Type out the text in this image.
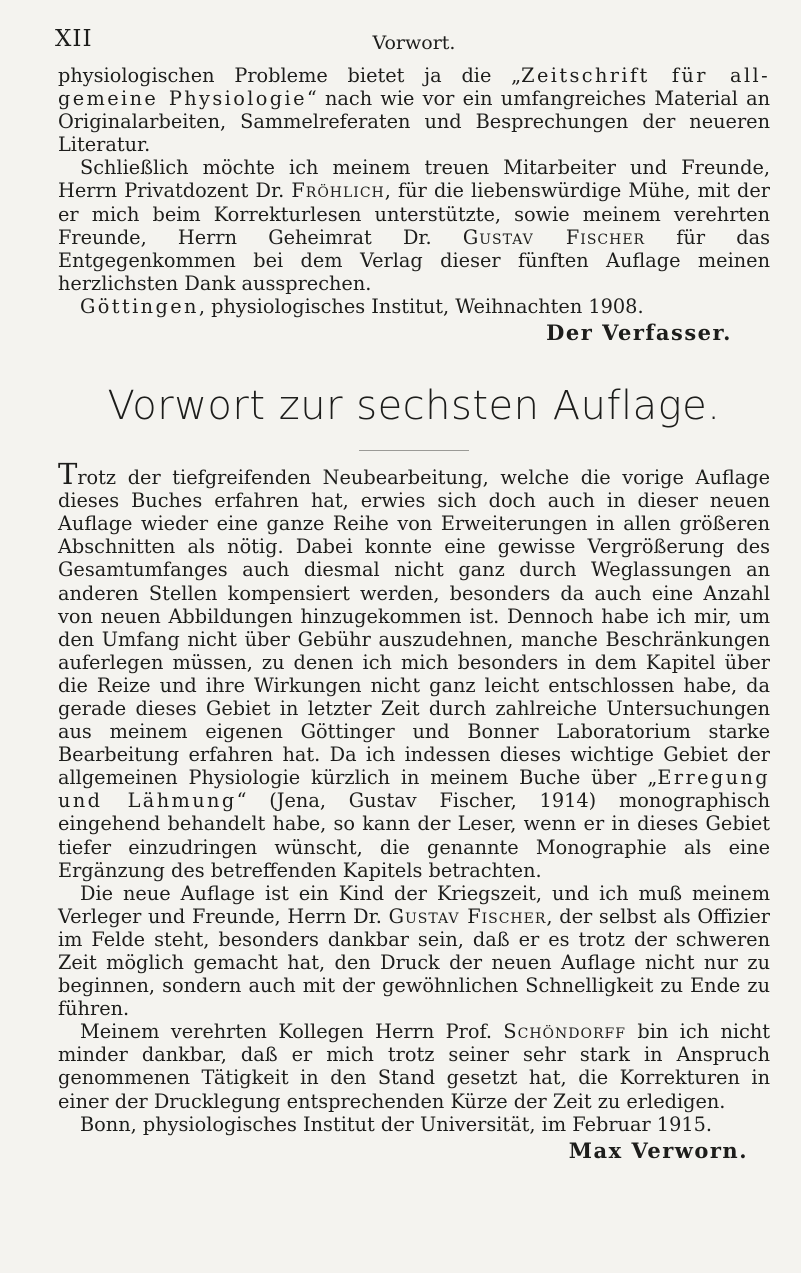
XII	Vorwort.

physiologischen Probleme bietet ja die „Zeitschrift für all-gemeine Physiologie“ nach wie vor ein umfangreiches Material an Originalarbeiten, Sammelreferaten und Besprechungen der neueren Literatur.

Schließlich möchte ich meinem treuen Mitarbeiter und Freunde, Herrn Privatdozent Dr. Fröhlich, für die liebenswürdige Mühe, mit der er mich beim Korrekturlesen unterstützte, sowie meinem verehrten Freunde, Herrn Geheimrat Dr. Gustav Fischer für das Entgegenkommen bei dem Verlag dieser fünften Auflage meinen herzlichsten Dank aussprechen.

Göttingen, physiologisches Institut, Weihnachten 1908.

Der Verfasser.
Vorwort zur sechsten Auflage.

Trotz der tiefgreifenden Neubearbeitung, welche die vorige Auflage dieses Buches erfahren hat, erwies sich doch auch in dieser neuen Auflage wieder eine ganze Reihe von Erweiterungen in allen größeren Abschnitten als nötig. Dabei konnte eine gewisse Vergrößerung des Gesamtumfanges auch diesmal nicht ganz durch Weglassungen an anderen Stellen kompensiert werden, besonders da auch eine Anzahl von neuen Abbildungen hinzugekommen ist. Dennoch habe ich mir, um den Umfang nicht über Gebühr auszudehnen, manche Beschränkungen auferlegen müssen, zu denen ich mich besonders in dem Kapitel über die Reize und ihre Wirkungen nicht ganz leicht entschlossen habe, da gerade dieses Gebiet in letzter Zeit durch zahlreiche Untersuchungen aus meinem eigenen Göttinger und Bonner Laboratorium starke Bearbeitung erfahren hat. Da ich indessen dieses wichtige Gebiet der allgemeinen Physiologie kürzlich in meinem Buche über „Erregung und Lähmung“ (Jena, Gustav Fischer, 1914) monographisch eingehend behandelt habe, so kann der Leser, wenn er in dieses Gebiet tiefer einzudringen wünscht, die genannte Monographie als eine Ergänzung des betreffenden Kapitels betrachten.

Die neue Auflage ist ein Kind der Kriegszeit, und ich muß meinem Verleger und Freunde, Herrn Dr. Gustav Fischer, der selbst als Offizier im Felde steht, besonders dankbar sein, daß er es trotz der schweren Zeit möglich gemacht hat, den Druck der neuen Auflage nicht nur zu beginnen, sondern auch mit der gewöhnlichen Schnelligkeit zu Ende zu führen.

Meinem verehrten Kollegen Herrn Prof. Schöndorff bin ich nicht minder dankbar, daß er mich trotz seiner sehr stark in Anspruch genommenen Tätigkeit in den Stand gesetzt hat, die Korrekturen in einer der Drucklegung entsprechenden Kürze der Zeit zu erledigen.

Bonn, physiologisches Institut der Universität, im Februar 1915.

Max Verworn.
